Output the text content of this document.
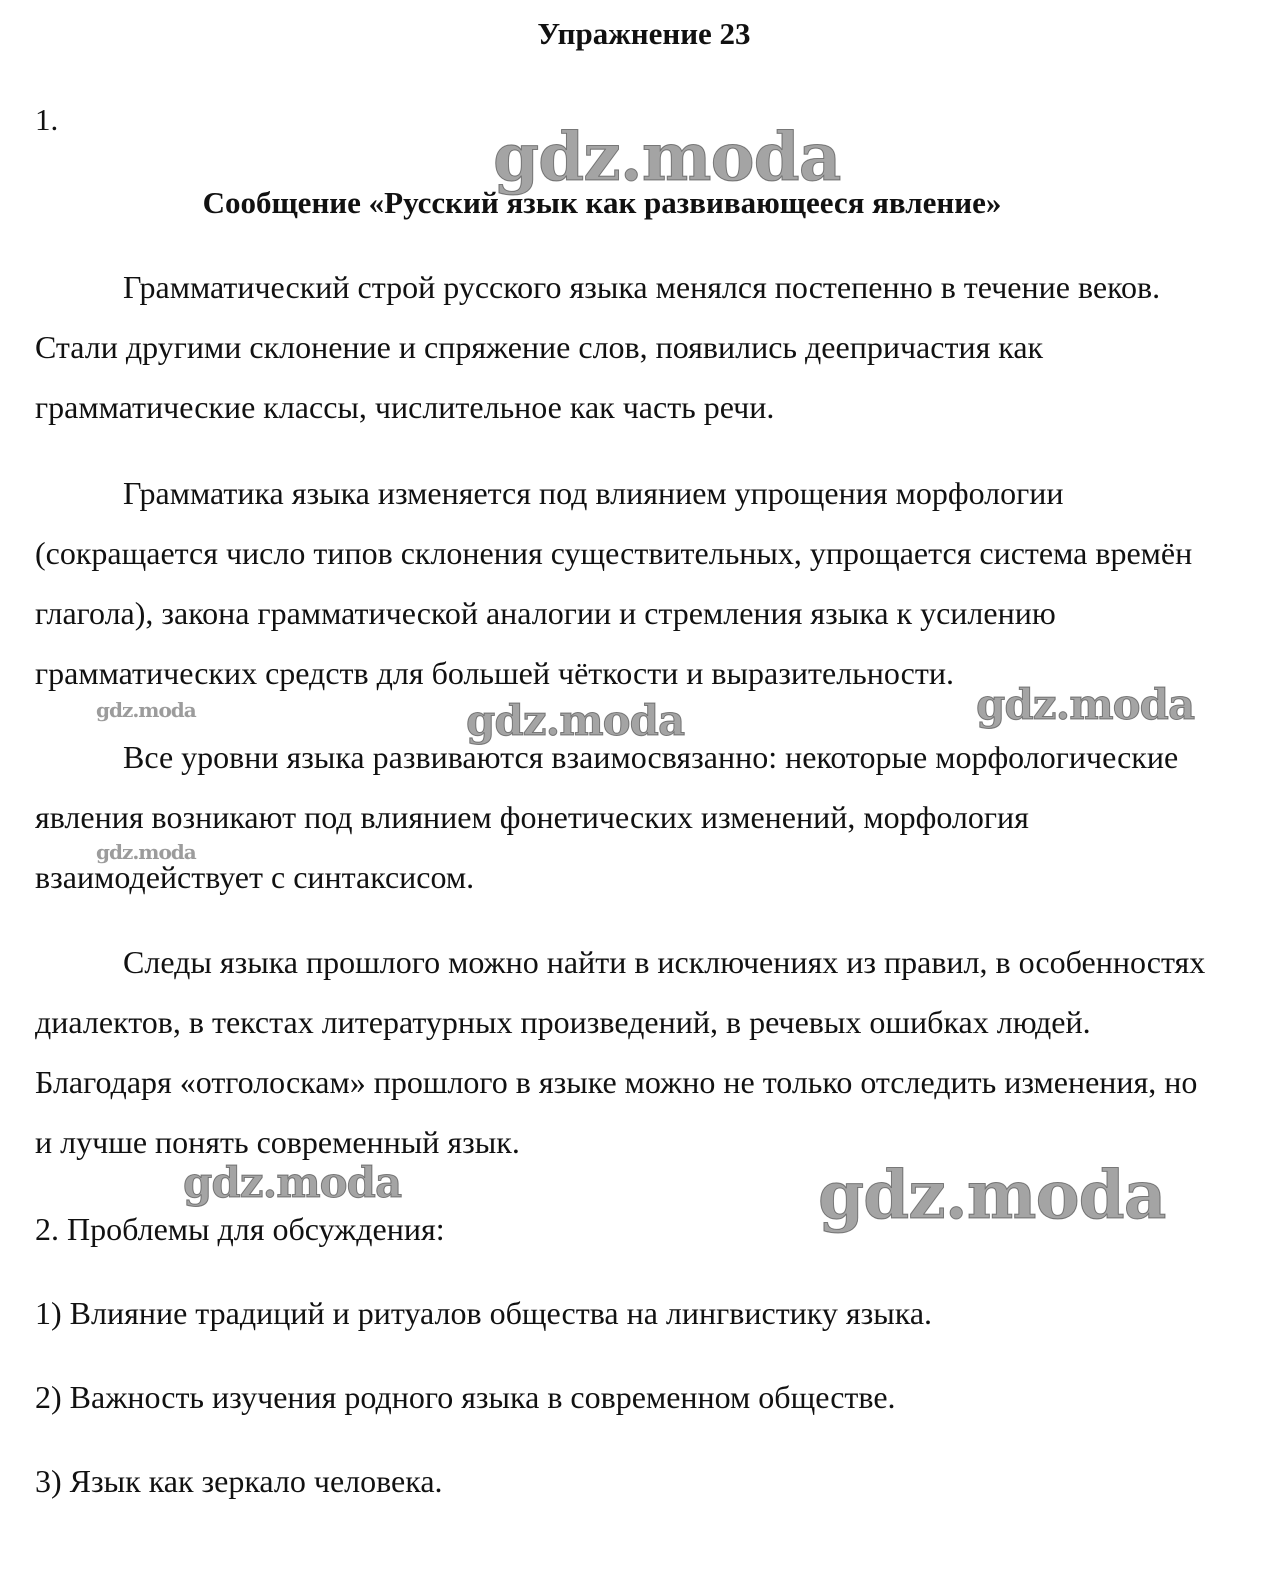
Упражнение 23
1.	gdz.moda
Сообщение «Русский язык как развивающееся явление»

Грамматический строй русского языка менялся постепенно в течение веков. Стали другими склонение и спряжение слов, появились деепричастия как грамматические классы, числительное как часть речи.

Грамматика языка изменяется под влиянием упрощения морфологии (сокращается число типов склонения существительных, упрощается система времён глагола), закона грамматической аналогии и стремления языка к усилению грамматических средств для большей чёткости и выразительности.

Все уровни языка развиваются взаимосвязанно: некоторые морфологические явления возникают под влиянием фонетических изменений, морфология взаимодействует с синтаксисом.

Следы языка прошлого можно найти в исключениях из правил, в особенностях диалектов, в текстах литературных произведений, в речевых ошибках людей. Благодаря «отголоскам» прошлого в языке можно не только отследить изменения, но и лучше понять современный язык.

gdz.moda	gdz.moda	gdz.moda
gdz.moda
gdz.moda	gdz.moda
2. Проблемы для обсуждения:
1) Влияние традиций и ритуалов общества на лингвистику языка.
2) Важность изучения родного языка в современном обществе.
3) Язык как зеркало человека.
